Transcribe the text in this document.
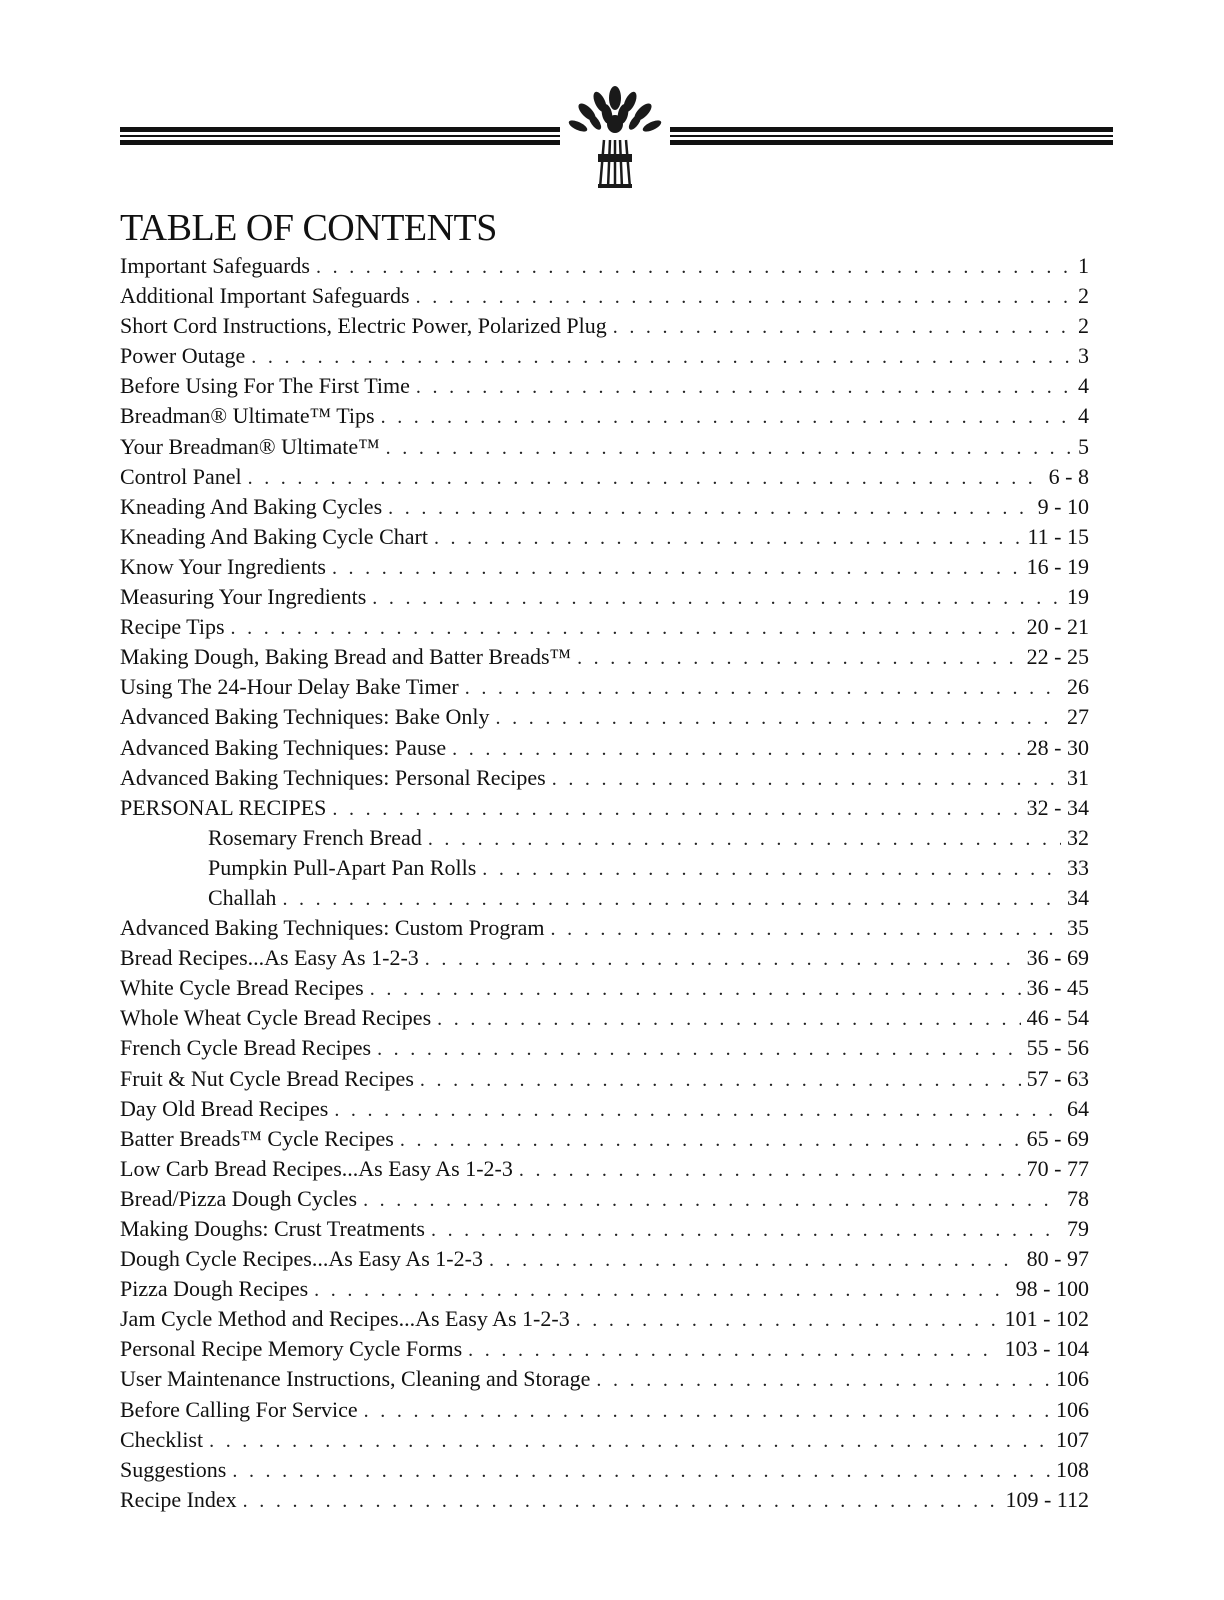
TABLE OF CONTENTS
Important Safeguards . . .	1
Additional Important Safeguards . . .	2
Short Cord Instructions, Electric Power, Polarized Plug . . .	2
Power Outage . . .	3
Before Using For The First Time . . .	4
Breadman® Ultimate™ Tips . . .	4
Your Breadman® Ultimate™ . . .	5
Control Panel . . .	6 - 8
Kneading And Baking Cycles . . .	9 - 10
Kneading And Baking Cycle Chart . . .	11 - 15
Know Your Ingredients . . .	16 - 19
Measuring Your Ingredients . . .	19
Recipe Tips . . .	20 - 21
Making Dough, Baking Bread and Batter Breads™ . . .	22 - 25
Using The 24-Hour Delay Bake Timer . . .	26
Advanced Baking Techniques: Bake Only . . .	27
Advanced Baking Techniques: Pause . . .	28 - 30
Advanced Baking Techniques: Personal Recipes . . .	31
PERSONAL RECIPES . . .	32 - 34
Rosemary French Bread . . .	32
Pumpkin Pull-Apart Pan Rolls . . .	33
Challah . . .	34
Advanced Baking Techniques: Custom Program . . .	35
Bread Recipes...As Easy As 1-2-3 . . .	36 - 69
White Cycle Bread Recipes . . .	36 - 45
Whole Wheat Cycle Bread Recipes . . .	46 - 54
French Cycle Bread Recipes . . .	55 - 56
Fruit & Nut Cycle Bread Recipes . . .	57 - 63
Day Old Bread Recipes . . .	64
Batter Breads™ Cycle Recipes . . .	65 - 69
Low Carb Bread Recipes...As Easy As 1-2-3 . . .	70 - 77
Bread/Pizza Dough Cycles . . .	78
Making Doughs: Crust Treatments . . .	79
Dough Cycle Recipes...As Easy As 1-2-3 . . .	80 - 97
Pizza Dough Recipes . . .	98 - 100
Jam Cycle Method and Recipes...As Easy As 1-2-3 . . .	101 - 102
Personal Recipe Memory Cycle Forms . . .	103 - 104
User Maintenance Instructions, Cleaning and Storage . . .	106
Before Calling For Service . . .	106
Checklist . . .	107
Suggestions . . .	108
Recipe Index . . .	109 - 112
